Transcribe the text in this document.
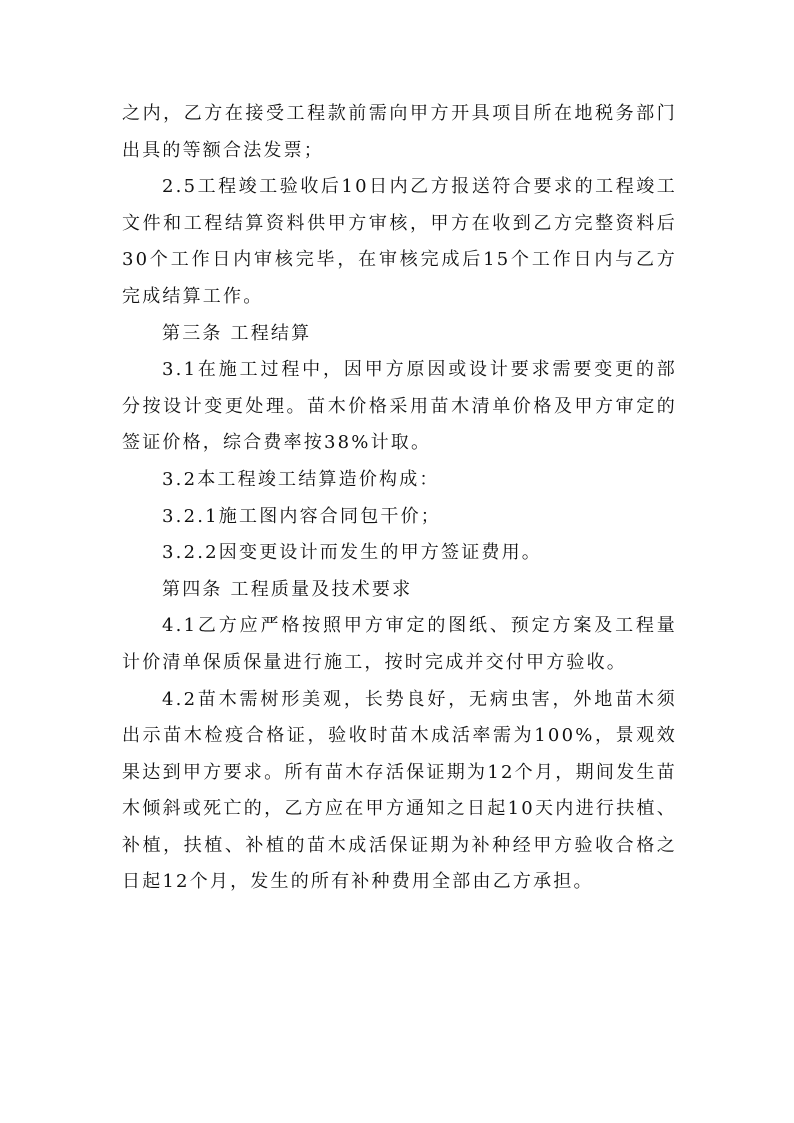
之内，乙方在接受工程款前需向甲方开具项目所在地税务部门出具的等额合法发票；

2.5工程竣工验收后10日内乙方报送符合要求的工程竣工文件和工程结算资料供甲方审核，甲方在收到乙方完整资料后30个工作日内审核完毕，在审核完成后15个工作日内与乙方完成结算工作。

第三条 工程结算

3.1在施工过程中，因甲方原因或设计要求需要变更的部分按设计变更处理。苗木价格采用苗木清单价格及甲方审定的签证价格，综合费率按38%计取。

3.2本工程竣工结算造价构成：

3.2.1施工图内容合同包干价；

3.2.2因变更设计而发生的甲方签证费用。

第四条 工程质量及技术要求

4.1乙方应严格按照甲方审定的图纸、预定方案及工程量计价清单保质保量进行施工，按时完成并交付甲方验收。

4.2苗木需树形美观，长势良好，无病虫害，外地苗木须出示苗木检疫合格证，验收时苗木成活率需为100%，景观效果达到甲方要求。所有苗木存活保证期为12个月，期间发生苗木倾斜或死亡的，乙方应在甲方通知之日起10天内进行扶植、补植，扶植、补植的苗木成活保证期为补种经甲方验收合格之日起12个月，发生的所有补种费用全部由乙方承担。
